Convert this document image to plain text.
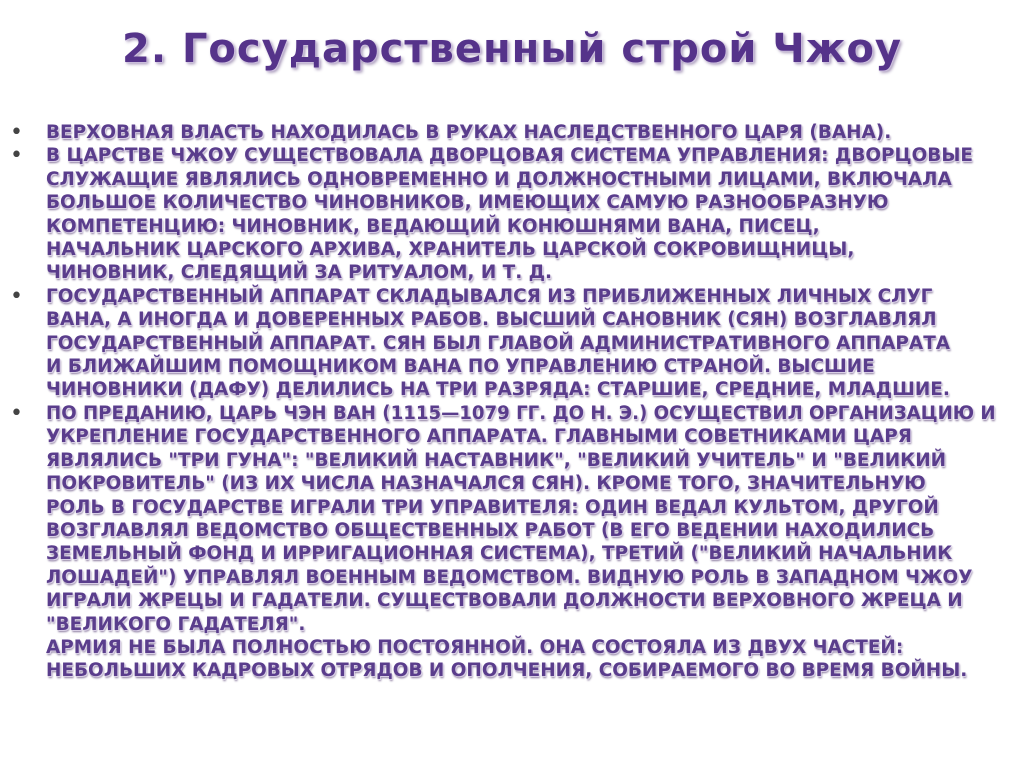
2. Государственный строй Чжоу
• ВЕРХОВНАЯ ВЛАСТЬ НАХОДИЛАСЬ В РУКАХ НАСЛЕДСТВЕННОГО ЦАРЯ (ВАНА).
• В ЦАРСТВЕ ЧЖОУ СУЩЕСТВОВАЛА ДВОРЦОВАЯ СИСТЕМА УПРАВЛЕНИЯ: ДВОРЦОВЫЕ
СЛУЖАЩИЕ ЯВЛЯЛИСЬ ОДНОВРЕМЕННО И ДОЛЖНОСТНЫМИ ЛИЦАМИ, ВКЛЮЧАЛА
БОЛЬШОЕ КОЛИЧЕСТВО ЧИНОВНИКОВ, ИМЕЮЩИХ САМУЮ РАЗНООБРАЗНУЮ
КОМПЕТЕНЦИЮ: ЧИНОВНИК, ВЕДАЮЩИЙ КОНЮШНЯМИ ВАНА, ПИСЕЦ,
НАЧАЛЬНИК ЦАРСКОГО АРХИВА, ХРАНИТЕЛЬ ЦАРСКОЙ СОКРОВИЩНИЦЫ,
ЧИНОВНИК, СЛЕДЯЩИЙ ЗА РИТУАЛОМ, И Т. Д.
• ГОСУДАРСТВЕННЫЙ АППАРАТ СКЛАДЫВАЛСЯ ИЗ ПРИБЛИЖЕННЫХ ЛИЧНЫХ СЛУГ
ВАНА, А ИНОГДА И ДОВЕРЕННЫХ РАБОВ. ВЫСШИЙ САНОВНИК (СЯН) ВОЗГЛАВЛЯЛ
ГОСУДАРСТВЕННЫЙ АППАРАТ. СЯН БЫЛ ГЛАВОЙ АДМИНИСТРАТИВНОГО АППАРАТА
И БЛИЖАЙШИМ ПОМОЩНИКОМ ВАНА ПО УПРАВЛЕНИЮ СТРАНОЙ. ВЫСШИЕ
ЧИНОВНИКИ (ДАФУ) ДЕЛИЛИСЬ НА ТРИ РАЗРЯДА: СТАРШИЕ, СРЕДНИЕ, МЛАДШИЕ.
• ПО ПРЕДАНИЮ, ЦАРЬ ЧЭН ВАН (1115—1079 ГГ. ДО Н. Э.) ОСУЩЕСТВИЛ ОРГАНИЗАЦИЮ И
УКРЕПЛЕНИЕ ГОСУДАРСТВЕННОГО АППАРАТА. ГЛАВНЫМИ СОВЕТНИКАМИ ЦАРЯ
ЯВЛЯЛИСЬ "ТРИ ГУНА": "ВЕЛИКИЙ НАСТАВНИК", "ВЕЛИКИЙ УЧИТЕЛЬ" И "ВЕЛИКИЙ
ПОКРОВИТЕЛЬ" (ИЗ ИХ ЧИСЛА НАЗНАЧАЛСЯ СЯН). КРОМЕ ТОГО, ЗНАЧИТЕЛЬНУЮ
РОЛЬ В ГОСУДАРСТВЕ ИГРАЛИ ТРИ УПРАВИТЕЛЯ: ОДИН ВЕДАЛ КУЛЬТОМ, ДРУГОЙ
ВОЗГЛАВЛЯЛ ВЕДОМСТВО ОБЩЕСТВЕННЫХ РАБОТ (В ЕГО ВЕДЕНИИ НАХОДИЛИСЬ
ЗЕМЕЛЬНЫЙ ФОНД И ИРРИГАЦИОННАЯ СИСТЕМА), ТРЕТИЙ ("ВЕЛИКИЙ НАЧАЛЬНИК
ЛОШАДЕЙ") УПРАВЛЯЛ ВОЕННЫМ ВЕДОМСТВОМ. ВИДНУЮ РОЛЬ В ЗАПАДНОМ ЧЖОУ
ИГРАЛИ ЖРЕЦЫ И ГАДАТЕЛИ. СУЩЕСТВОВАЛИ ДОЛЖНОСТИ ВЕРХОВНОГО ЖРЕЦА И
"ВЕЛИКОГО ГАДАТЕЛЯ".
АРМИЯ НЕ БЫЛА ПОЛНОСТЬЮ ПОСТОЯННОЙ. ОНА СОСТОЯЛА ИЗ ДВУХ ЧАСТЕЙ:
НЕБОЛЬШИХ КАДРОВЫХ ОТРЯДОВ И ОПОЛЧЕНИЯ, СОБИРАЕМОГО ВО ВРЕМЯ ВОЙНЫ.
